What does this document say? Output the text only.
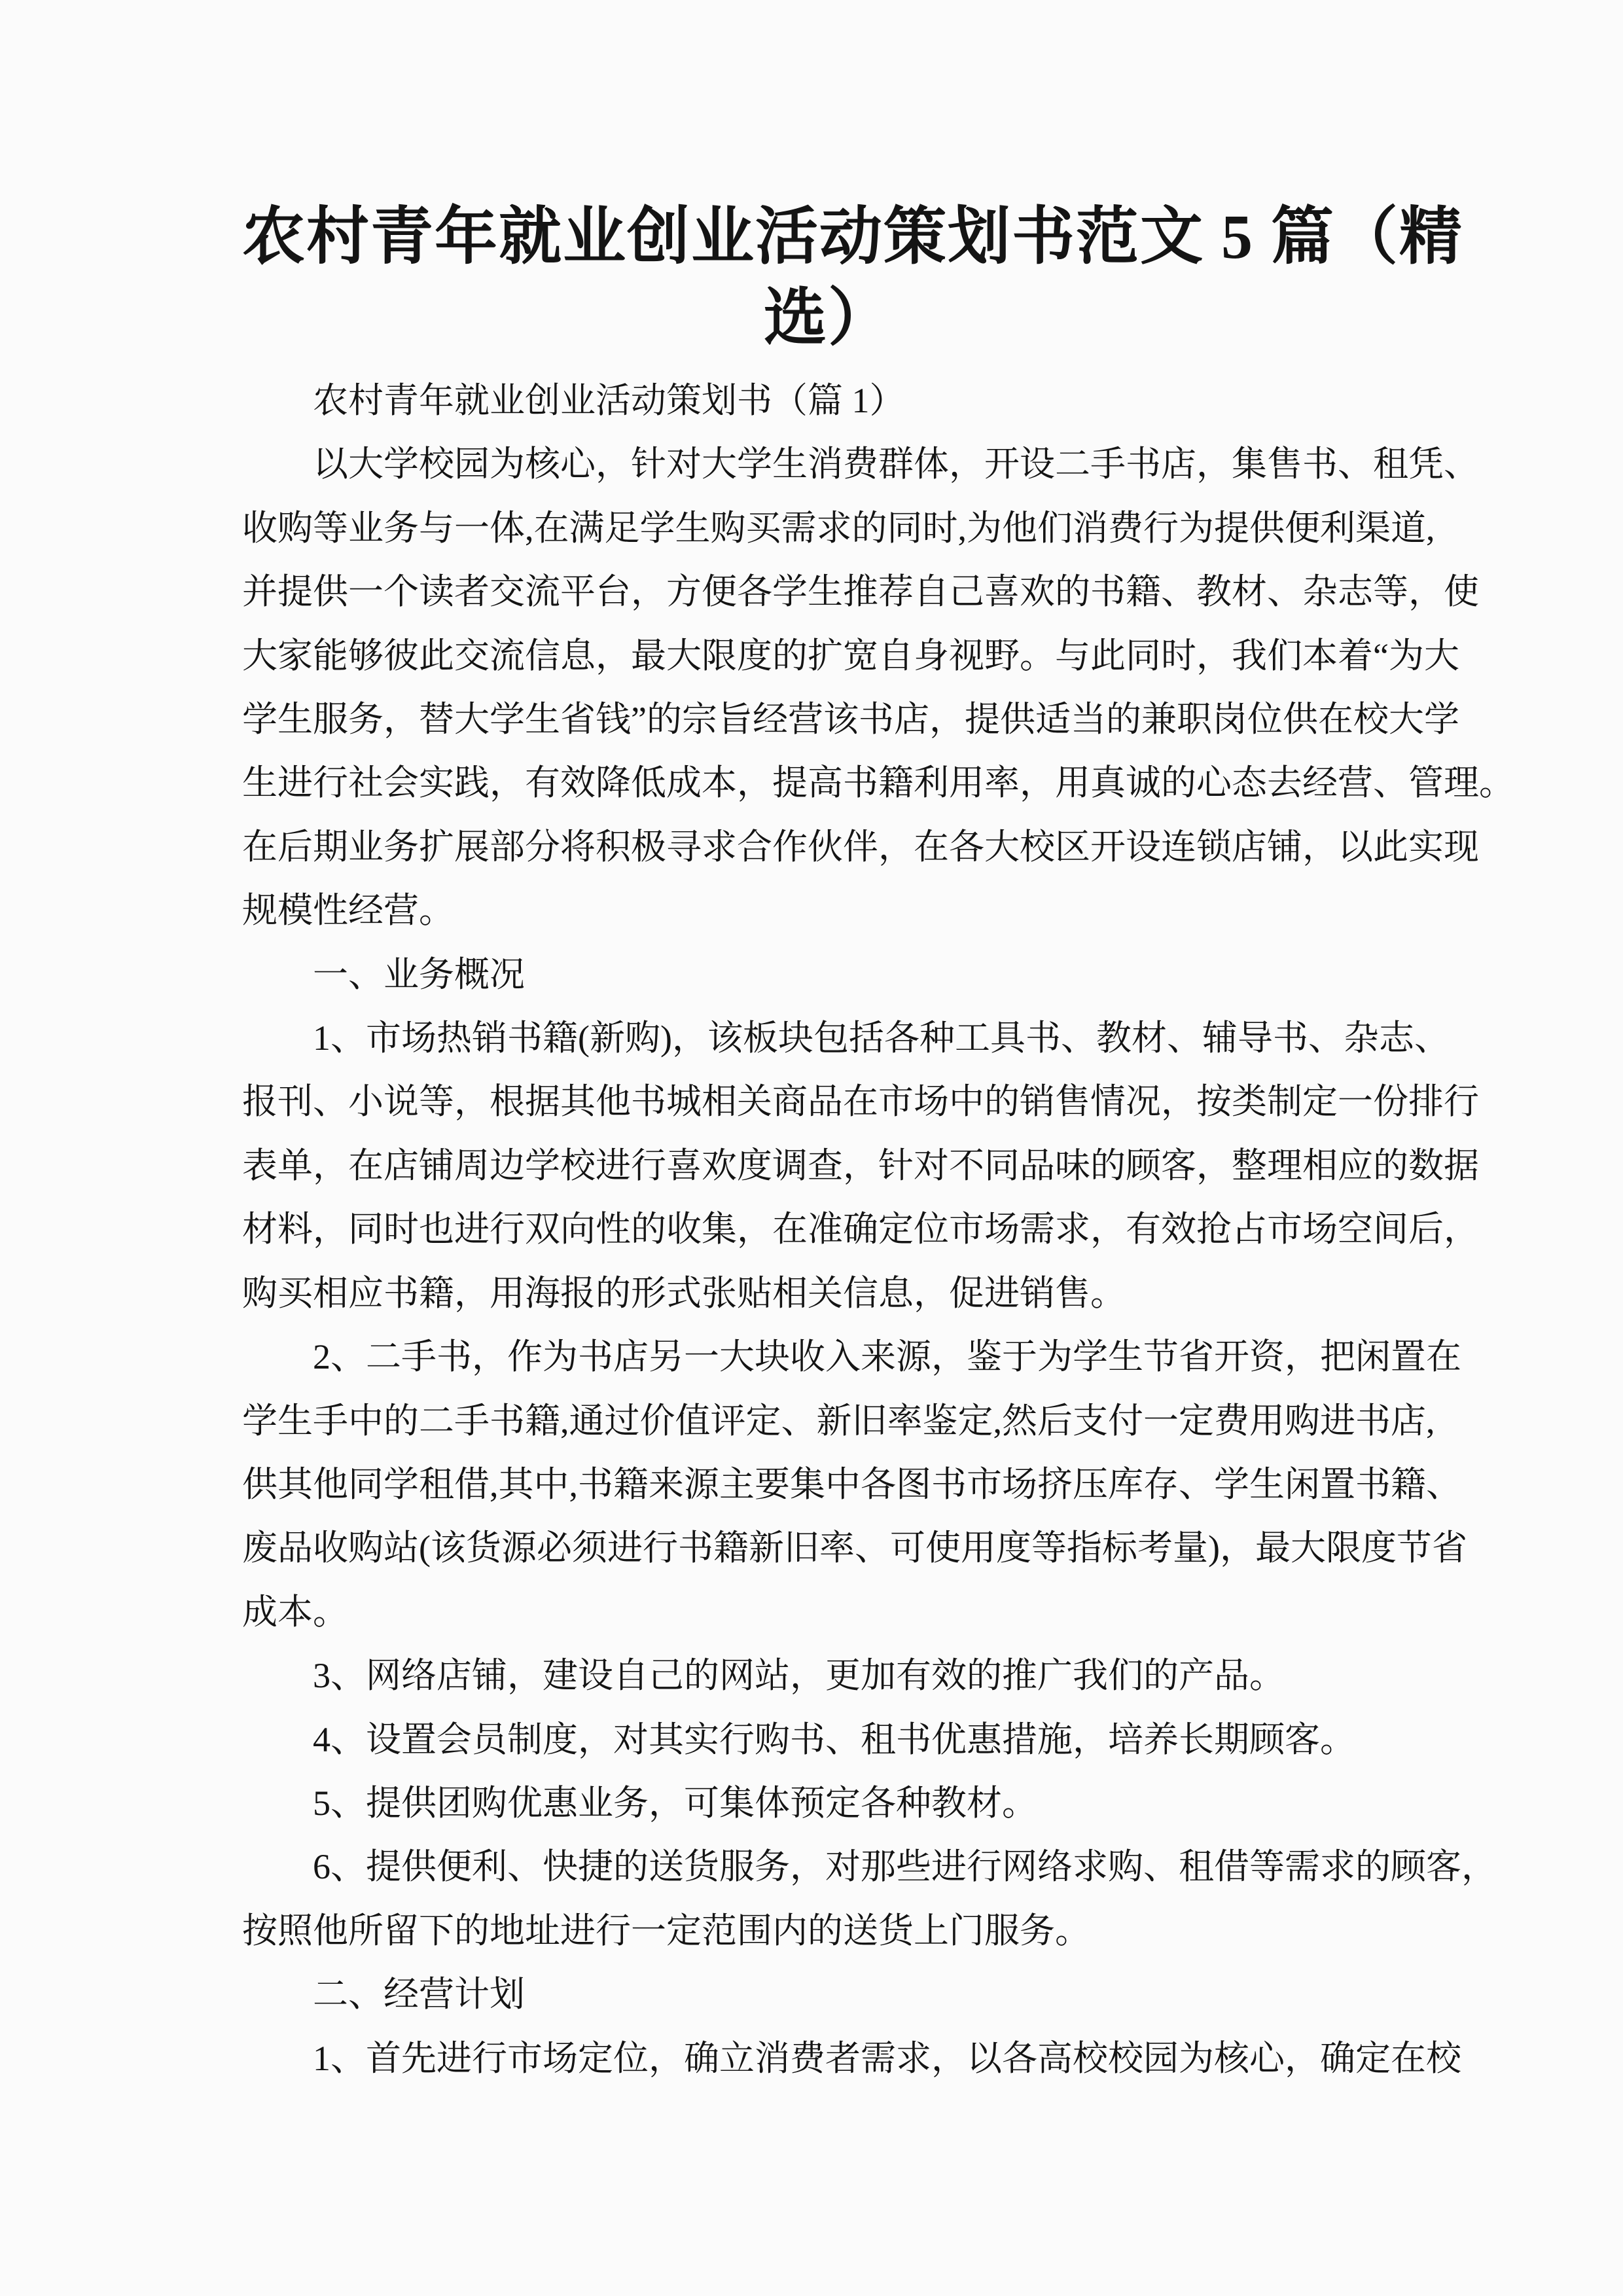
农村青年就业创业活动策划书范文 5 篇（精
选）
农村青年就业创业活动策划书（篇 1）
以大学校园为核心，针对大学生消费群体，开设二手书店，集售书、租凭、
收购等业务与一体,在满足学生购买需求的同时,为他们消费行为提供便利渠道,
并提供一个读者交流平台，方便各学生推荐自己喜欢的书籍、教材、杂志等，使
大家能够彼此交流信息，最大限度的扩宽自身视野。与此同时，我们本着“为大
学生服务，替大学生省钱”的宗旨经营该书店，提供适当的兼职岗位供在校大学
生进行社会实践，有效降低成本，提高书籍利用率，用真诚的心态去经营、管理。
在后期业务扩展部分将积极寻求合作伙伴，在各大校区开设连锁店铺，以此实现
规模性经营。
一、业务概况
1、市场热销书籍(新购)，该板块包括各种工具书、教材、辅导书、杂志、
报刊、小说等，根据其他书城相关商品在市场中的销售情况，按类制定一份排行
表单，在店铺周边学校进行喜欢度调查，针对不同品味的顾客，整理相应的数据
材料，同时也进行双向性的收集，在准确定位市场需求，有效抢占市场空间后，
购买相应书籍，用海报的形式张贴相关信息，促进销售。
2、二手书，作为书店另一大块收入来源，鉴于为学生节省开资，把闲置在
学生手中的二手书籍,通过价值评定、新旧率鉴定,然后支付一定费用购进书店,
供其他同学租借,其中,书籍来源主要集中各图书市场挤压库存、学生闲置书籍、
废品收购站(该货源必须进行书籍新旧率、可使用度等指标考量)，最大限度节省
成本。
3、网络店铺，建设自己的网站，更加有效的推广我们的产品。
4、设置会员制度，对其实行购书、租书优惠措施，培养长期顾客。
5、提供团购优惠业务，可集体预定各种教材。
6、提供便利、快捷的送货服务，对那些进行网络求购、租借等需求的顾客，
按照他所留下的地址进行一定范围内的送货上门服务。
二、经营计划
1、首先进行市场定位，确立消费者需求，以各高校校园为核心，确定在校
